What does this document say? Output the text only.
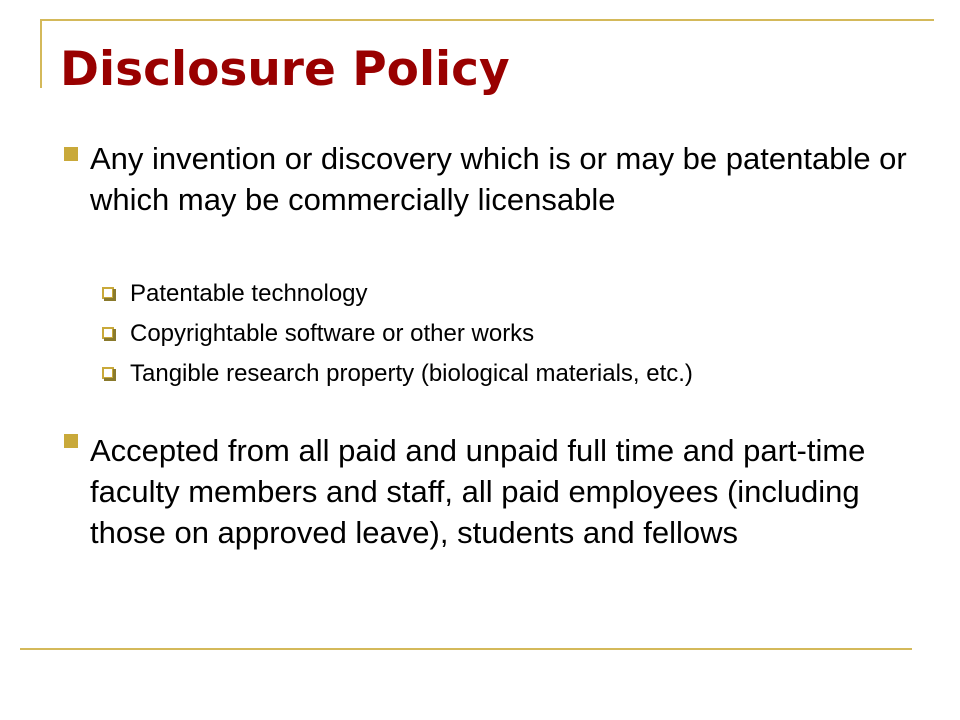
Disclosure Policy
Any invention or discovery which is or may be patentable or which may be commercially licensable
Patentable technology
Copyrightable software or other works
Tangible research property (biological materials, etc.)
Accepted from all paid and unpaid full time and part-time faculty members and staff, all paid employees (including those on approved leave), students and fellows
